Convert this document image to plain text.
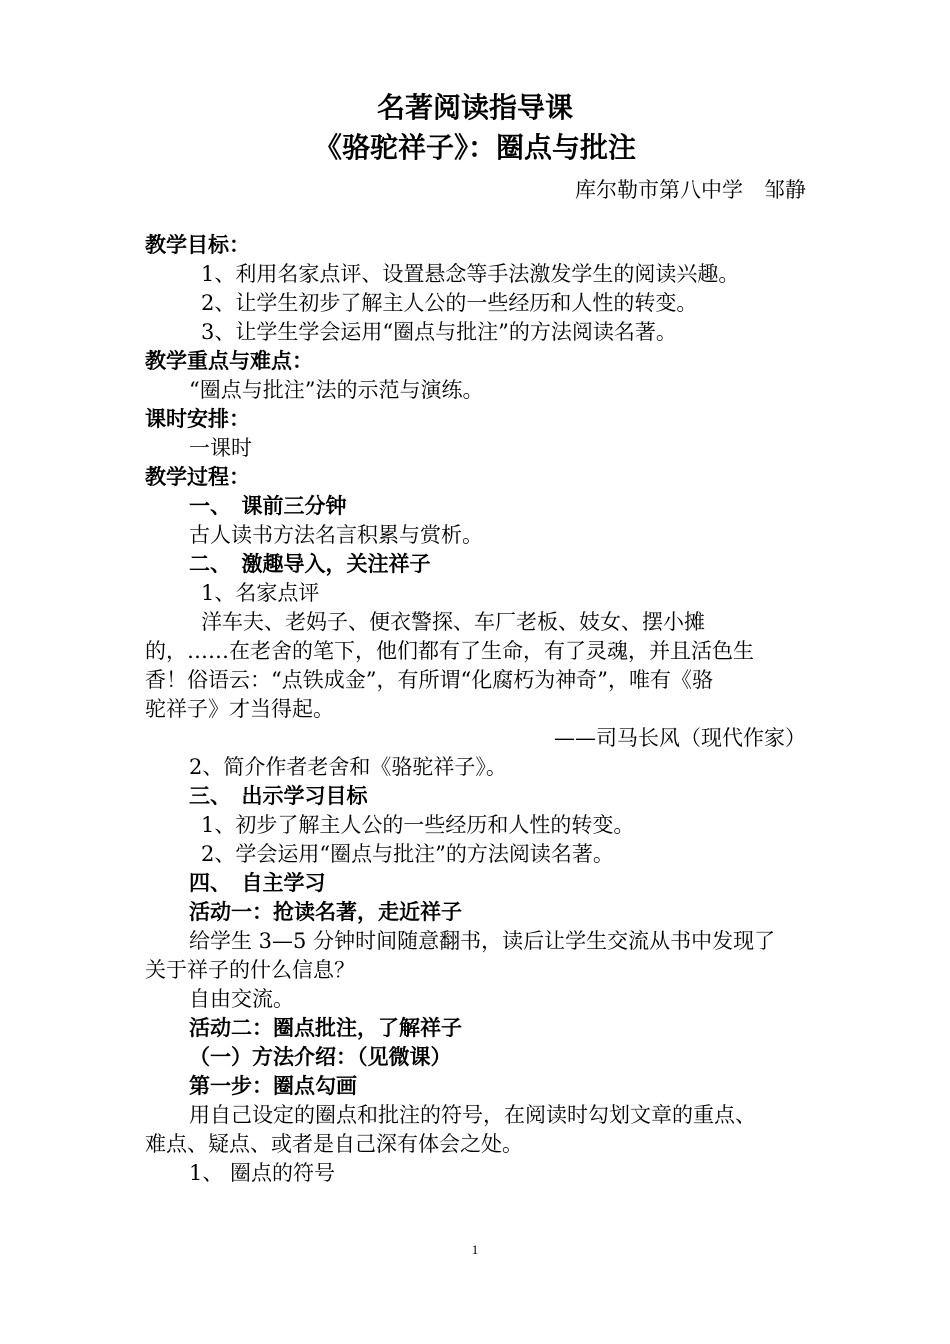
名著阅读指导课
《骆驼祥子》：圈点与批注
库尔勒市第八中学　邹静
教学目标：
1、利用名家点评、设置悬念等手法激发学生的阅读兴趣。
2、让学生初步了解主人公的一些经历和人性的转变。
3、让学生学会运用“圈点与批注”的方法阅读名著。
教学重点与难点：
“圈点与批注”法的示范与演练。
课时安排：
一课时
教学过程：
一、　课前三分钟
古人读书方法名言积累与赏析。
二、　激趣导入，关注祥子
1、名家点评
洋车夫、老妈子、便衣警探、车厂老板、妓女、摆小摊
的，……在老舍的笔下，他们都有了生命，有了灵魂，并且活色生
香！俗语云：“点铁成金”，有所谓“化腐朽为神奇”，唯有《骆
驼祥子》才当得起。
——司马长风（现代作家）
2、简介作者老舍和《骆驼祥子》。
三、　出示学习目标
1、初步了解主人公的一些经历和人性的转变。
2、学会运用“圈点与批注”的方法阅读名著。
四、　自主学习
活动一：抢读名著，走近祥子
给学生 3—5 分钟时间随意翻书，读后让学生交流从书中发现了
关于祥子的什么信息？
自由交流。
活动二：圈点批注，了解祥子
（一）方法介绍：（见微课）
第一步：圈点勾画
用自己设定的圈点和批注的符号，在阅读时勾划文章的重点、
难点、疑点、或者是自己深有体会之处。
1、 圈点的符号
1
